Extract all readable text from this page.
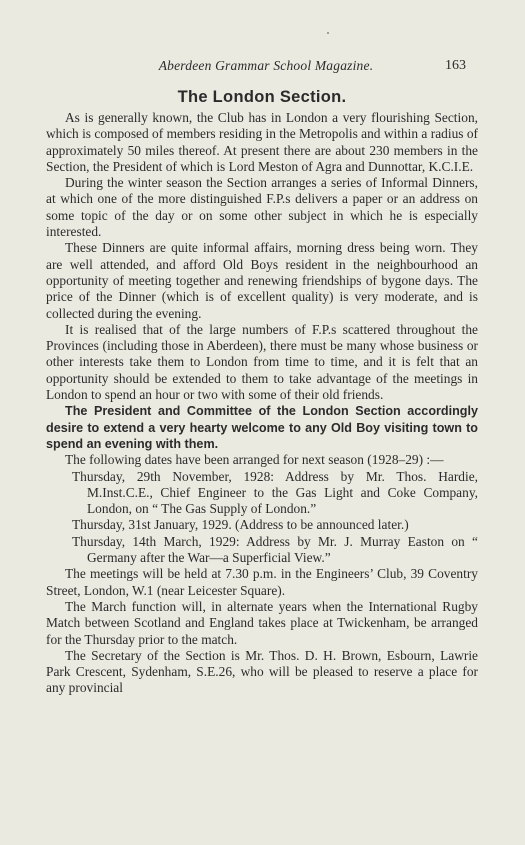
Aberdeen Grammar School Magazine.	163
The London Section.

As is generally known, the Club has in London a very flourishing Section, which is composed of members residing in the Metropolis and within a radius of approximately 50 miles thereof. At present there are about 230 members in the Section, the President of which is Lord Meston of Agra and Dunnottar, K.C.I.E.

During the winter season the Section arranges a series of Informal Dinners, at which one of the more distinguished F.P.s delivers a paper or an address on some topic of the day or on some other subject in which he is especially interested.

These Dinners are quite informal affairs, morning dress being worn. They are well attended, and afford Old Boys resident in the neighbourhood an opportunity of meeting together and renewing friendships of bygone days. The price of the Dinner (which is of excellent quality) is very moderate, and is collected during the evening.

It is realised that of the large numbers of F.P.s scattered throughout the Provinces (including those in Aberdeen), there must be many whose business or other interests take them to London from time to time, and it is felt that an opportunity should be extended to them to take advantage of the meetings in London to spend an hour or two with some of their old friends.

The President and Committee of the London Section accordingly desire to extend a very hearty welcome to any Old Boy visiting town to spend an evening with them.

The following dates have been arranged for next season (1928–29) :—

Thursday, 29th November, 1928: Address by Mr. Thos. Hardie, M.Inst.C.E., Chief Engineer to the Gas Light and Coke Company, London, on “ The Gas Supply of London.”

Thursday, 31st January, 1929. (Address to be announced later.)

Thursday, 14th March, 1929: Address by Mr. J. Murray Easton on “ Germany after the War—a Superficial View.”

The meetings will be held at 7.30 p.m. in the Engineers’ Club, 39 Coventry Street, London, W.1 (near Leicester Square).

The March function will, in alternate years when the International Rugby Match between Scotland and England takes place at Twickenham, be arranged for the Thursday prior to the match.

The Secretary of the Section is Mr. Thos. D. H. Brown, Esbourn, Lawrie Park Crescent, Sydenham, S.E.26, who will be pleased to reserve a place for any provincial
